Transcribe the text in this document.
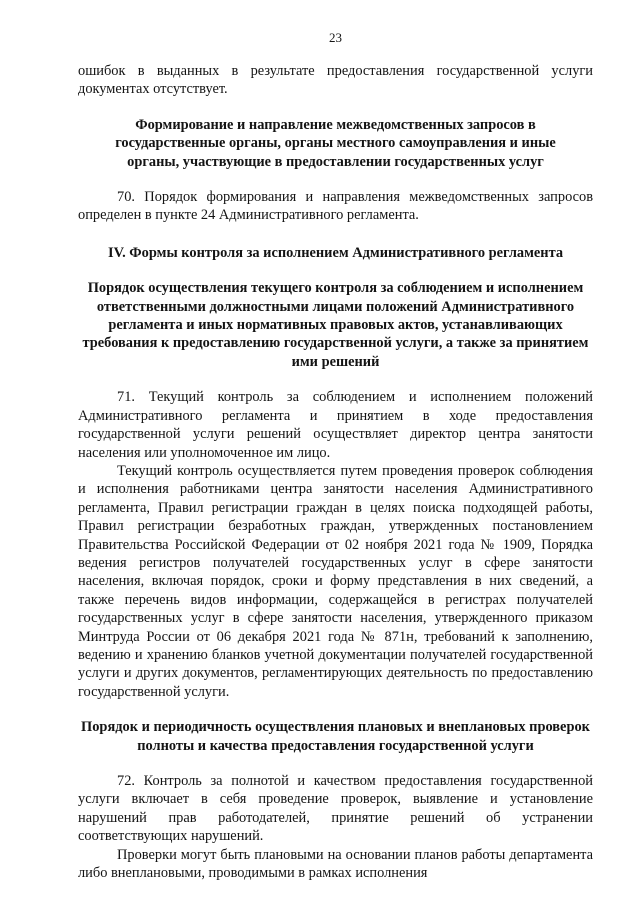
23

ошибок в выданных в результате предоставления государственной услуги документах отсутствует.

Формирование и направление межведомственных запросов в государственные органы, органы местного самоуправления и иные органы, участвующие в предоставлении государственных услуг

70. Порядок формирования и направления межведомственных запросов определен в пункте 24 Административного регламента.

IV. Формы контроля за исполнением Административного регламента
Порядок осуществления текущего контроля за соблюдением и исполнением ответственными должностными лицами положений Административного регламента и иных нормативных правовых актов, устанавливающих требования к предоставлению государственной услуги, а также за принятием ими решений

71. Текущий контроль за соблюдением и исполнением положений Административного регламента и принятием в ходе предоставления государственной услуги решений осуществляет директор центра занятости населения или уполномоченное им лицо.

Текущий контроль осуществляется путем проведения проверок соблюдения и исполнения работниками центра занятости населения Административного регламента, Правил регистрации граждан в целях поиска подходящей работы, Правил регистрации безработных граждан, утвержденных постановлением Правительства Российской Федерации от 02 ноября 2021 года № 1909, Порядка ведения регистров получателей государственных услуг в сфере занятости населения, включая порядок, сроки и форму представления в них сведений, а также перечень видов информации, содержащейся в регистрах получателей государственных услуг в сфере занятости населения, утвержденного приказом Минтруда России от 06 декабря 2021 года № 871н, требований к заполнению, ведению и хранению бланков учетной документации получателей государственной услуги и других документов, регламентирующих деятельность по предоставлению государственной услуги.

Порядок и периодичность осуществления плановых и внеплановых проверок полноты и качества предоставления государственной услуги

72. Контроль за полнотой и качеством предоставления государственной услуги включает в себя проведение проверок, выявление и установление нарушений прав работодателей, принятие решений об устранении соответствующих нарушений.

Проверки могут быть плановыми на основании планов работы департамента либо внеплановыми, проводимыми в рамках исполнения
